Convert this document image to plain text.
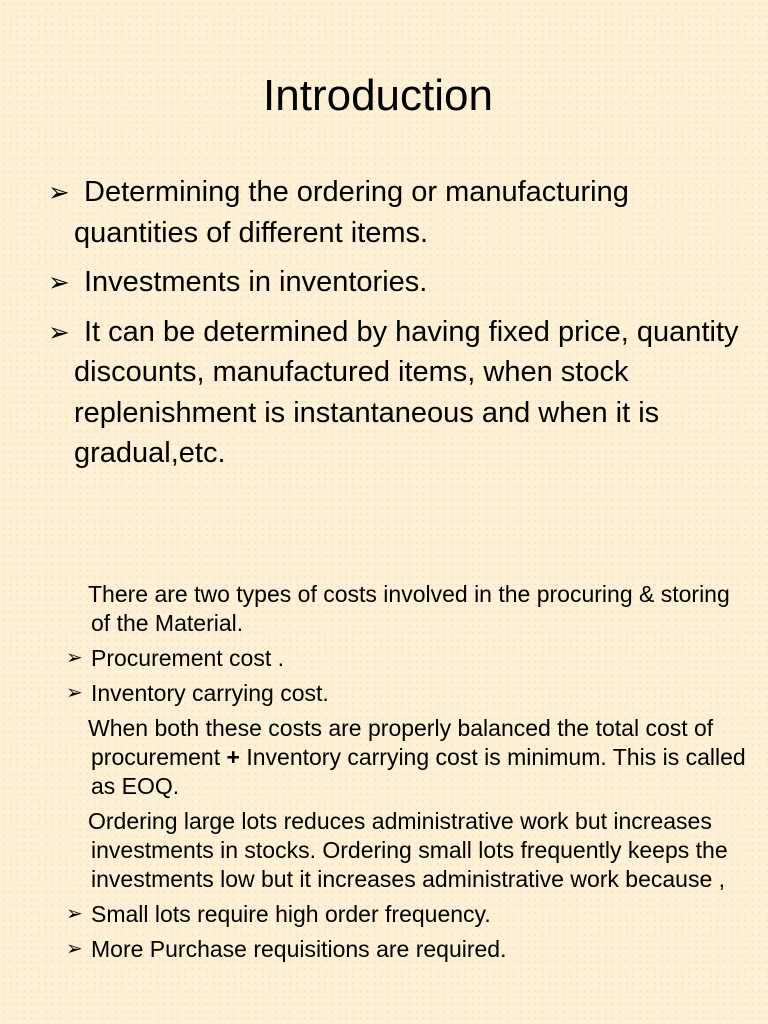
Introduction
➢ Determining the ordering or manufacturing quantities of different items.
➢ Investments in inventories.
➢ It can be determined by having fixed price, quantity discounts, manufactured items, when stock replenishment is instantaneous and when it is gradual,etc.

There are two types of costs involved in the procuring & storing of the Material.

➢ Procurement cost .
➢ Inventory carrying cost.

When both these costs are properly balanced the total cost of procurement + Inventory carrying cost is minimum. This is called as EOQ.

Ordering large lots reduces administrative work but increases investments in stocks. Ordering small lots frequently keeps the investments low but it increases administrative work because ,

➢ Small lots require high order frequency.
➢ More Purchase requisitions are required.
